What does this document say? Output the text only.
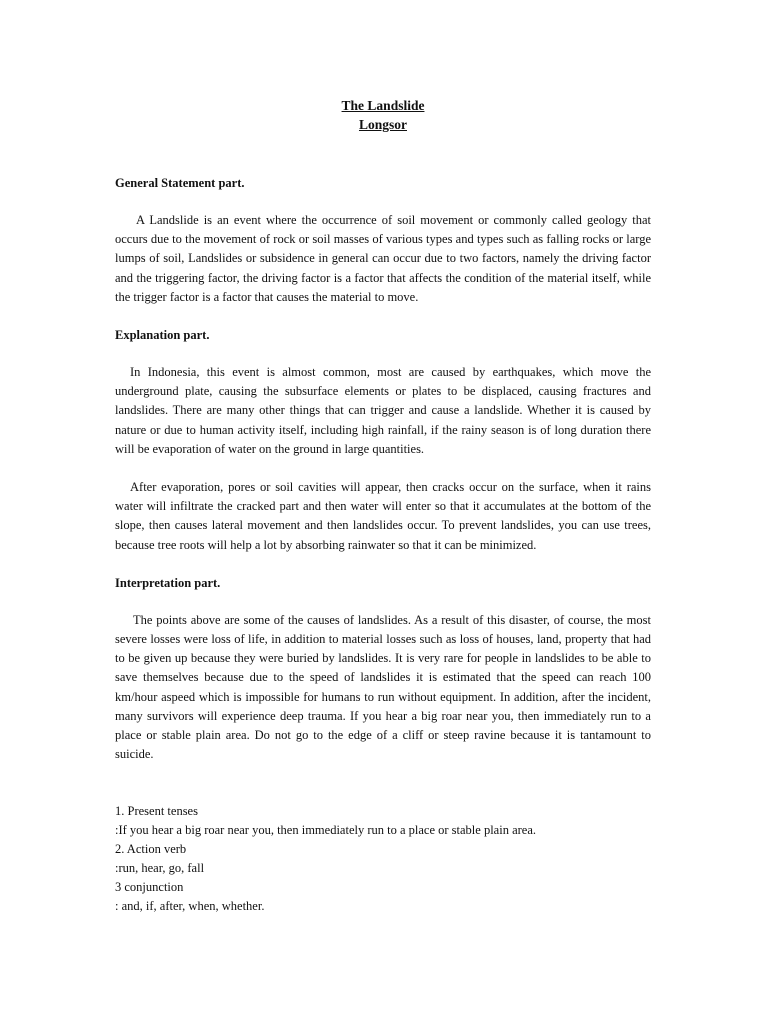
The Landslide
Longsor

General Statement part.

A Landslide is an event where the occurrence of soil movement or commonly called geology that occurs due to the movement of rock or soil masses of various types and types such as falling rocks or large lumps of soil, Landslides or subsidence in general can occur due to two factors, namely the driving factor and the triggering factor, the driving factor is a factor that affects the condition of the material itself, while the trigger factor is a factor that causes the material to move.

Explanation part.

In Indonesia, this event is almost common, most are caused by earthquakes, which move the underground plate, causing the subsurface elements or plates to be displaced, causing fractures and landslides. There are many other things that can trigger and cause a landslide. Whether it is caused by nature or due to human activity itself, including high rainfall, if the rainy season is of long duration there will be evaporation of water on the ground in large quantities.

After evaporation, pores or soil cavities will appear, then cracks occur on the surface, when it rains water will infiltrate the cracked part and then water will enter so that it accumulates at the bottom of the slope, then causes lateral movement and then landslides occur. To prevent landslides, you can use trees, because tree roots will help a lot by absorbing rainwater so that it can be minimized.

Interpretation part.

The points above are some of the causes of landslides. As a result of this disaster, of course, the most severe losses were loss of life, in addition to material losses such as loss of houses, land, property that had to be given up because they were buried by landslides. It is very rare for people in landslides to be able to save themselves because due to the speed of landslides it is estimated that the speed can reach 100 km/hour aspeed which is impossible for humans to run without equipment. In addition, after the incident, many survivors will experience deep trauma. If you hear a big roar near you, then immediately run to a place or stable plain area. Do not go to the edge of a cliff or steep ravine because it is tantamount to suicide.

1. Present tenses
:If you hear a big roar near you, then immediately run to a place or stable plain area.
2. Action verb
:run, hear, go, fall
3 conjunction
: and, if, after, when, whether.
